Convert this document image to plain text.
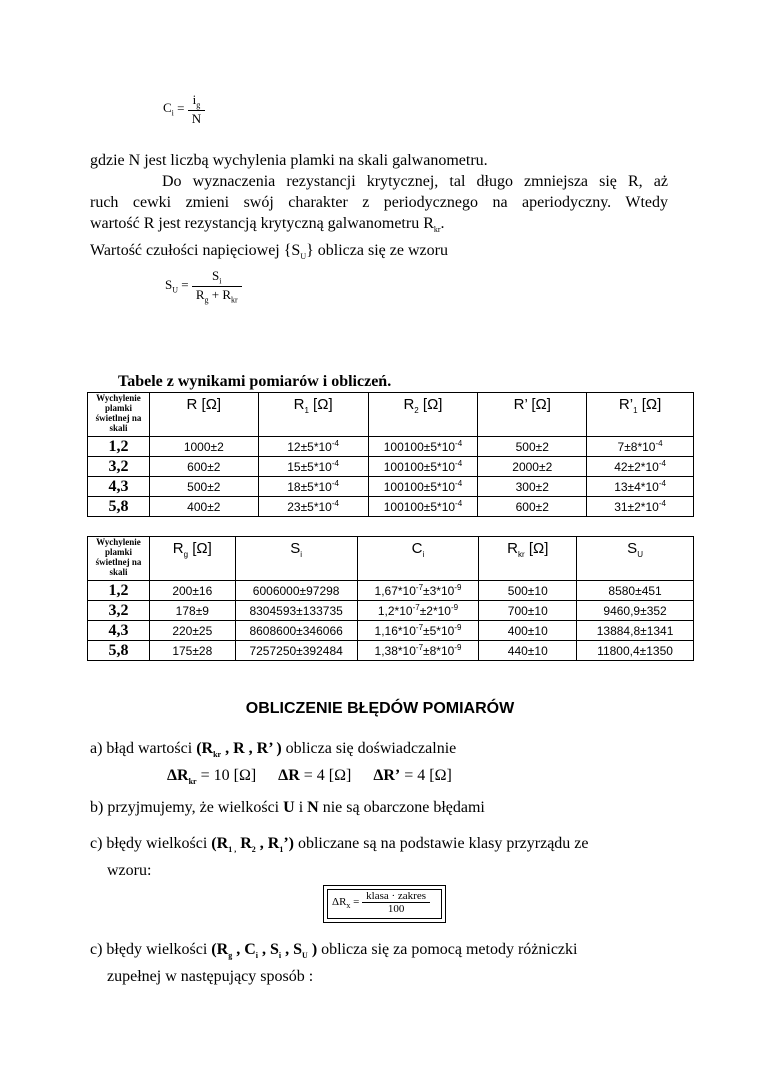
$C_i = \frac{i_g}{N}$
gdzie N jest liczbą wychylenia plamki na skali galwanometru.
Do wyznaczenia rezystancji krytycznej, tal długo zmniejsza się R, aż
ruch cewki zmieni swój charakter z periodycznego na aperiodyczny. Wtedy
wartość R jest rezystancją krytyczną galwanometru $R_{kr}$.
Wartość czułości napięciowej $\{S_U\}$ oblicza się ze wzoru
$S_U = \frac{S_i}{R_g + R_{kr}}$
Tabele z wynikami pomiarów i obliczeń.
Wychylenie
plamki
świetlnej na
skali	R [Ω]	$R_1$ [Ω]	$R_2$ [Ω]	R’ [Ω]	$R’_1$ [Ω]
1,2	1000±2	$12\pm 5*10^{-4}$	$100100\pm 5*10^{-4}$	500±2	$7\pm 8*10^{-4}$
3,2	600±2	$15\pm 5*10^{-4}$	$100100\pm 5*10^{-4}$	2000±2	$42\pm 2*10^{-4}$
4,3	500±2	$18\pm 5*10^{-4}$	$100100\pm 5*10^{-4}$	300±2	$13\pm 4*10^{-4}$
5,8	400±2	$23\pm 5*10^{-4}$	$100100\pm 5*10^{-4}$	600±2	$31\pm 2*10^{-4}$
Wychylenie
plamki
świetlnej na
skali	$R_g$ [Ω]	$S_i$	$C_i$	$R_{kr}$ [Ω]	$S_U$
1,2	200±16	6006000±97298	$1,67*10^{-7}\pm 3*10^{-9}$	500±10	8580±451
3,2	178±9	8304593±133735	$1,2*10^{-7}\pm 2*10^{-9}$	700±10	9460,9±352
4,3	220±25	8608600±346066	$1,16*10^{-7}\pm 5*10^{-9}$	400±10	13884,8±1341
5,8	175±28	7257250±392484	$1,38*10^{-7}\pm 8*10^{-9}$	440±10	11800,4±1350
OBLICZENIE BŁĘDÓW POMIARÓW
a) błąd wartości ($R_{kr}$ , R , R’ ) oblicza się doświadczalnie
$\Delta R_{kr} = 10$ [Ω] ΔR = 4 [Ω] ΔR’ = 4 [Ω]
b) przyjmujemy, że wielkości U i N nie są obarczone błędami
c) błędy wielkości ($R_{1 ,}$ $R_2$ , $R_1$’) obliczane są na podstawie klasy przyrządu ze
wzoru:
$\Delta R_x = \frac{\text{klasa · zakres}}{100}$
c) błędy wielkości ($R_g$ , $C_i$ , $S_i$ , $S_U$ ) oblicza się za pomocą metody różniczki
zupełnej w następujący sposób :
